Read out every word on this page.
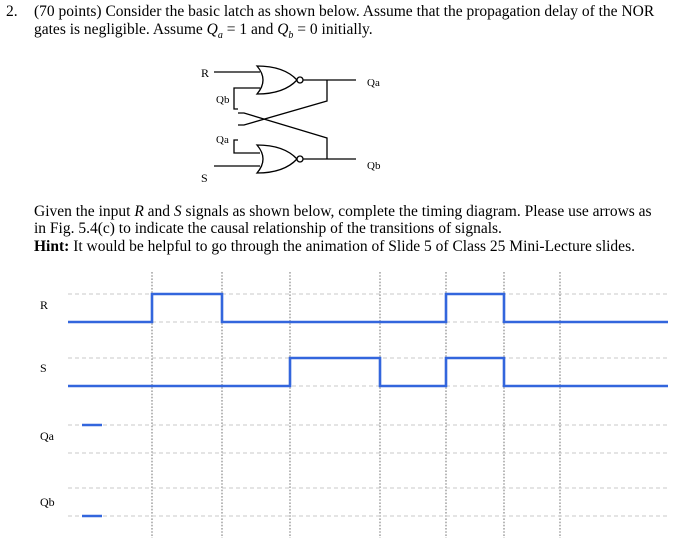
2. (70 points) Consider the basic latch as shown below. Assume that the propagation delay of the NOR
gates is negligible. Assume $Q_a = 1$ and $Q_b = 0$ initially.
R
S
Qb
Qa
Qa
Qb
R
S
Qa
Qb
Given the input R and S signals as shown below, complete the timing diagram. Please use arrows as
in Fig. 5.4(c) to indicate the causal relationship of the transitions of signals.
Hint: It would be helpful to go through the animation of Slide 5 of Class 25 Mini-Lecture slides.
